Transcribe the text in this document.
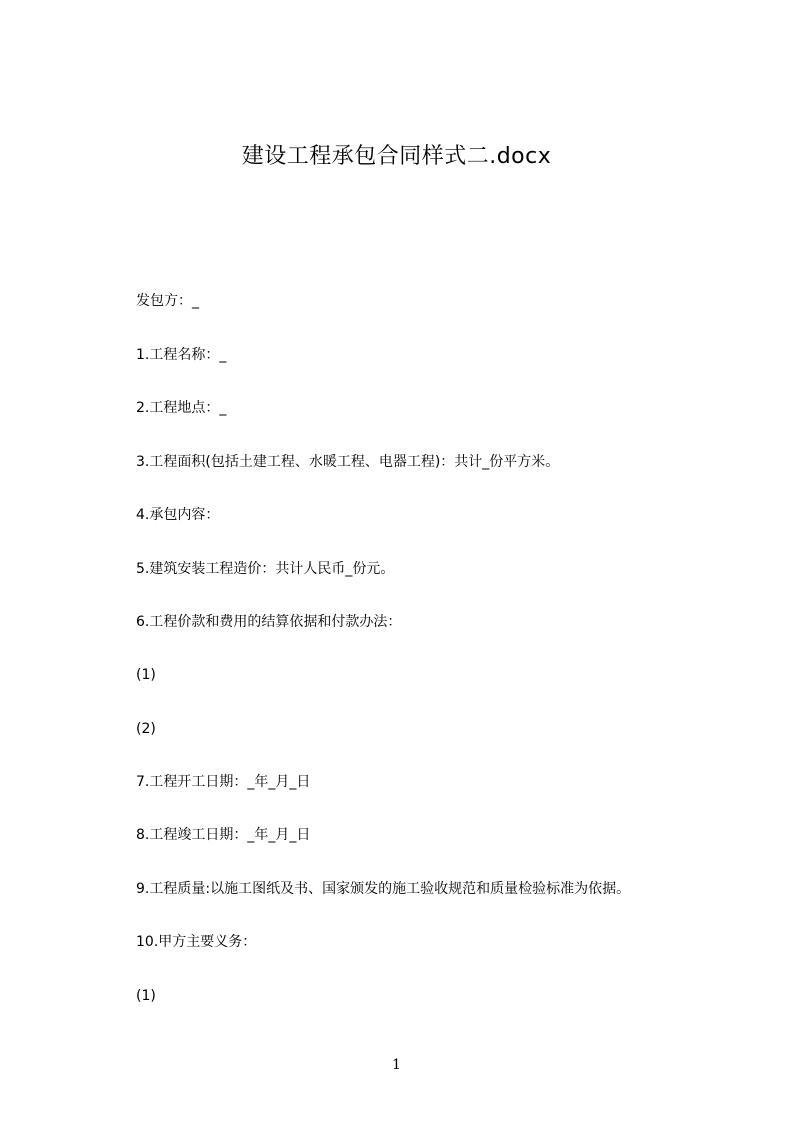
建设工程承包合同样式二.docx
发包方：_
1.工程名称：_
2.工程地点：_
3.工程面积(包括土建工程、水暖工程、电器工程)：共计_份平方米。
4.承包内容：
5.建筑安装工程造价：共计人民币_份元。
6.工程价款和费用的结算依据和付款办法：
(1)
(2)
7.工程开工日期：_年_月_日
8.工程竣工日期：_年_月_日
9.工程质量:以施工图纸及书、国家颁发的施工验收规范和质量检验标准为依据。
10.甲方主要义务：
(1)
1
